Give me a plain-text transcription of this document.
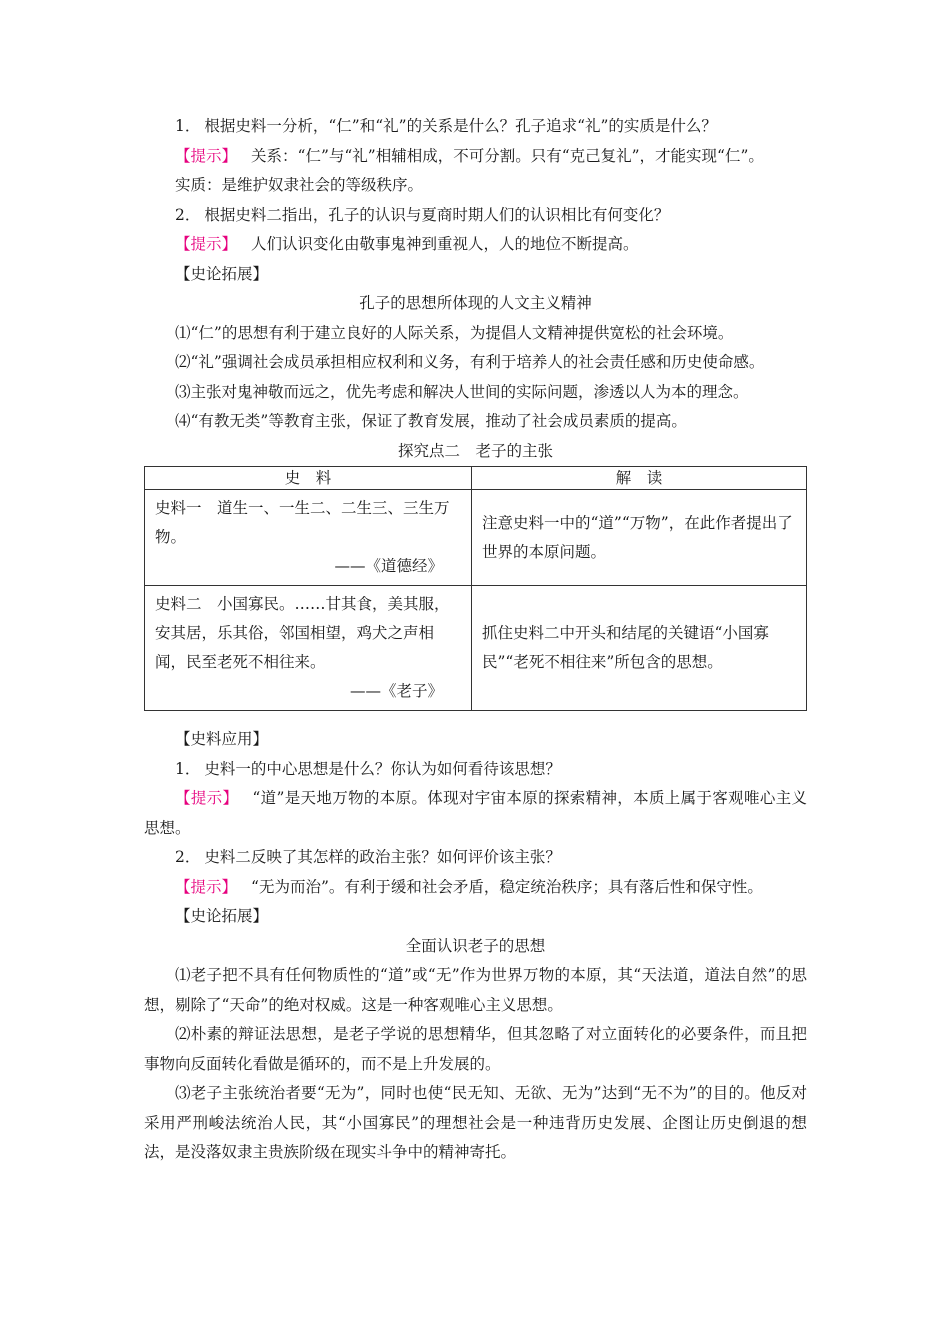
1． 根据史料一分析，“仁”和“礼”的关系是什么？孔子追求“礼”的实质是什么？

【提示】 关系：“仁”与“礼”相辅相成，不可分割。只有“克己复礼”，才能实现“仁”。

实质：是维护奴隶社会的等级秩序。

2． 根据史料二指出，孔子的认识与夏商时期人们的认识相比有何变化？

【提示】 人们认识变化由敬事鬼神到重视人，人的地位不断提高。

【史论拓展】

孔子的思想所体现的人文主义精神

⑴“仁”的思想有利于建立良好的人际关系，为提倡人文精神提供宽松的社会环境。

⑵“礼”强调社会成员承担相应权利和义务，有利于培养人的社会责任感和历史使命感。

⑶主张对鬼神敬而远之，优先考虑和解决人世间的实际问题，渗透以人为本的理念。

⑷“有教无类”等教育主张，保证了教育发展，推动了社会成员素质的提高。

探究点二　老子的主张

史　料	解　读

史料一　道生一、一生二、二生三、三生万物。
——《道德经》	注意史料一中的“道”“万物”，在此作者提出了世界的本原问题。

史料二　小国寡民。……甘其食，美其服，安其居，乐其俗，邻国相望，鸡犬之声相闻，民至老死不相往来。
——《老子》	抓住史料二中开头和结尾的关键语“小国寡民”“老死不相往来”所包含的思想。

【史料应用】

1． 史料一的中心思想是什么？你认为如何看待该思想？

【提示】 “道”是天地万物的本原。体现对宇宙本原的探索精神，本质上属于客观唯心主义思想。

2． 史料二反映了其怎样的政治主张？如何评价该主张？

【提示】 “无为而治”。有利于缓和社会矛盾，稳定统治秩序；具有落后性和保守性。

【史论拓展】

全面认识老子的思想

⑴老子把不具有任何物质性的“道”或“无”作为世界万物的本原，其“天法道，道法自然”的思想，剔除了“天命”的绝对权威。这是一种客观唯心主义思想。

⑵朴素的辩证法思想，是老子学说的思想精华，但其忽略了对立面转化的必要条件，而且把事物向反面转化看做是循环的，而不是上升发展的。

⑶老子主张统治者要“无为”，同时也使“民无知、无欲、无为”达到“无不为”的目的。他反对采用严刑峻法统治人民，其“小国寡民”的理想社会是一种违背历史发展、企图让历史倒退的想法，是没落奴隶主贵族阶级在现实斗争中的精神寄托。
